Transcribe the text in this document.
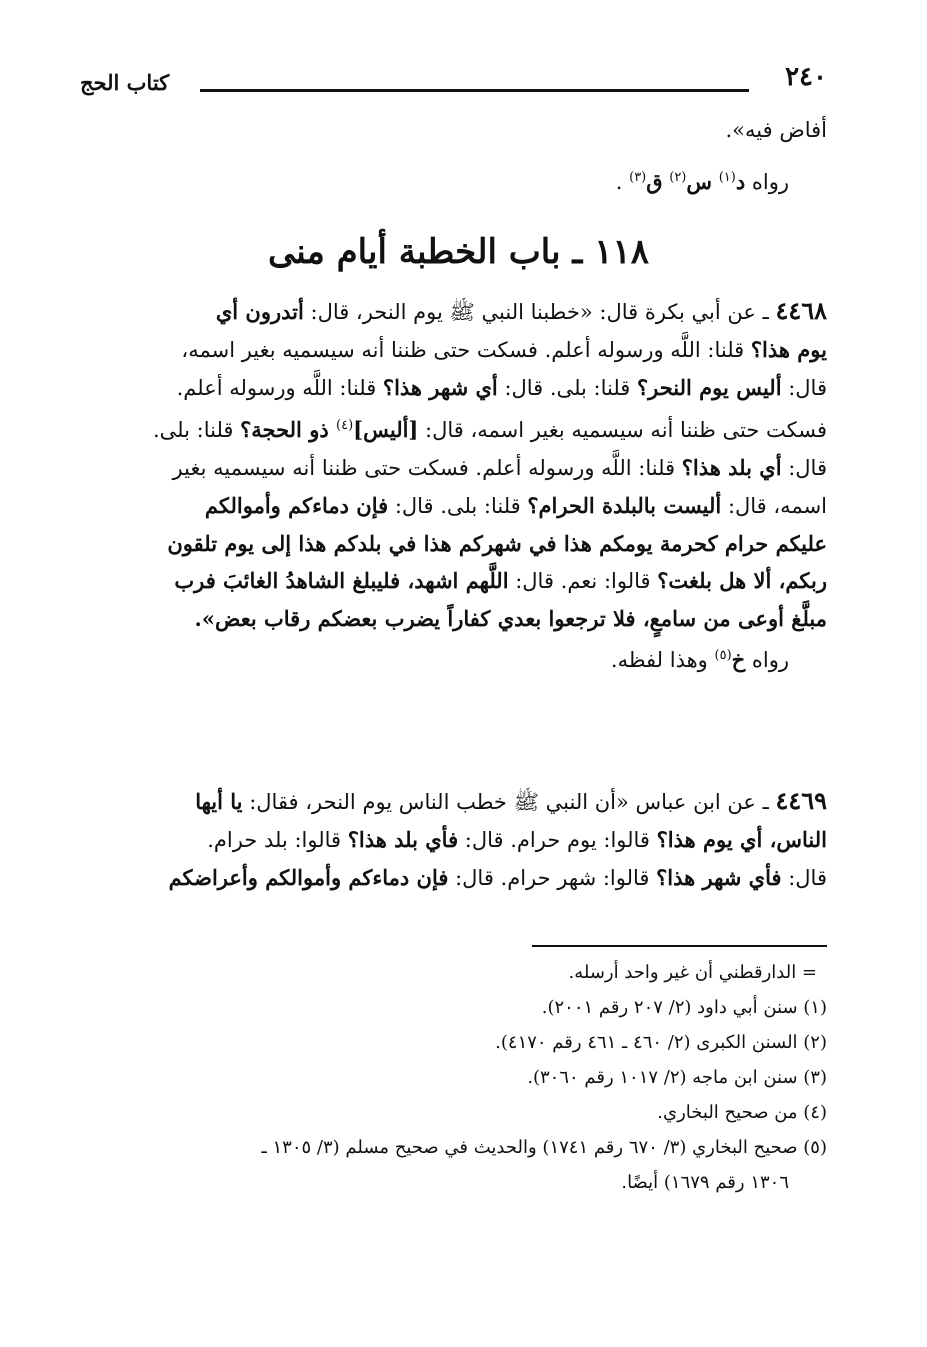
٢٤٠
كتاب الحج
أفاض فيه».
رواه د$^{(١)}$ س$^{(٢)}$ ق$^{(٣)}$ .
١١٨ ـ باب الخطبة أيام منى
٤٤٦٨ ـ عن أبي بكرة قال: «خطبنا النبي ﷺ يوم النحر، قال: أتدرون أي
يوم هذا؟ قلنا: اللَّه ورسوله أعلم. فسكت حتى ظننا أنه سيسميه بغير اسمه،
قال: أليس يوم النحر؟ قلنا: بلى. قال: أي شهر هذا؟ قلنا: اللَّه ورسوله أعلم.
فسكت حتى ظننا أنه سيسميه بغير اسمه، قال: [أليس]$^{(٤)}$ ذو الحجة؟ قلنا: بلى.
قال: أي بلد هذا؟ قلنا: اللَّه ورسوله أعلم. فسكت حتى ظننا أنه سيسميه بغير
اسمه، قال: أليست بالبلدة الحرام؟ قلنا: بلى. قال: فإن دماءكم وأموالكم
عليكم حرام كحرمة يومكم هذا في شهركم هذا في بلدكم هذا إلى يوم تلقون
ربكم، ألا هل بلغت؟ قالوا: نعم. قال: اللَّهم اشهد، فليبلغ الشاهدُ الغائبَ فرب
مبلَّغ أوعى من سامعٍ، فلا ترجعوا بعدي كفاراً يضرب بعضكم رقاب بعض».
رواه خ$^{(٥)}$ وهذا لفظه.
٤٤٦٩ ـ عن ابن عباس «أن النبي ﷺ خطب الناس يوم النحر، فقال: يا أيها
الناس، أي يوم هذا؟ قالوا: يوم حرام. قال: فأي بلد هذا؟ قالوا: بلد حرام.
قال: فأي شهر هذا؟ قالوا: شهر حرام. قال: فإن دماءكم وأموالكم وأعراضكم
= الدارقطني أن غير واحد أرسله.
(١) سنن أبي داود (٢/ ٢٠٧ رقم ٢٠٠١).
(٢) السنن الكبرى (٢/ ٤٦٠ ـ ٤٦١ رقم ٤١٧٠).
(٣) سنن ابن ماجه (٢/ ١٠١٧ رقم ٣٠٦٠).
(٤) من صحيح البخاري.
(٥) صحيح البخاري (٣/ ٦٧٠ رقم ١٧٤١) والحديث في صحيح مسلم (٣/ ١٣٠٥ ـ
١٣٠٦ رقم ١٦٧٩) أيضًا.
